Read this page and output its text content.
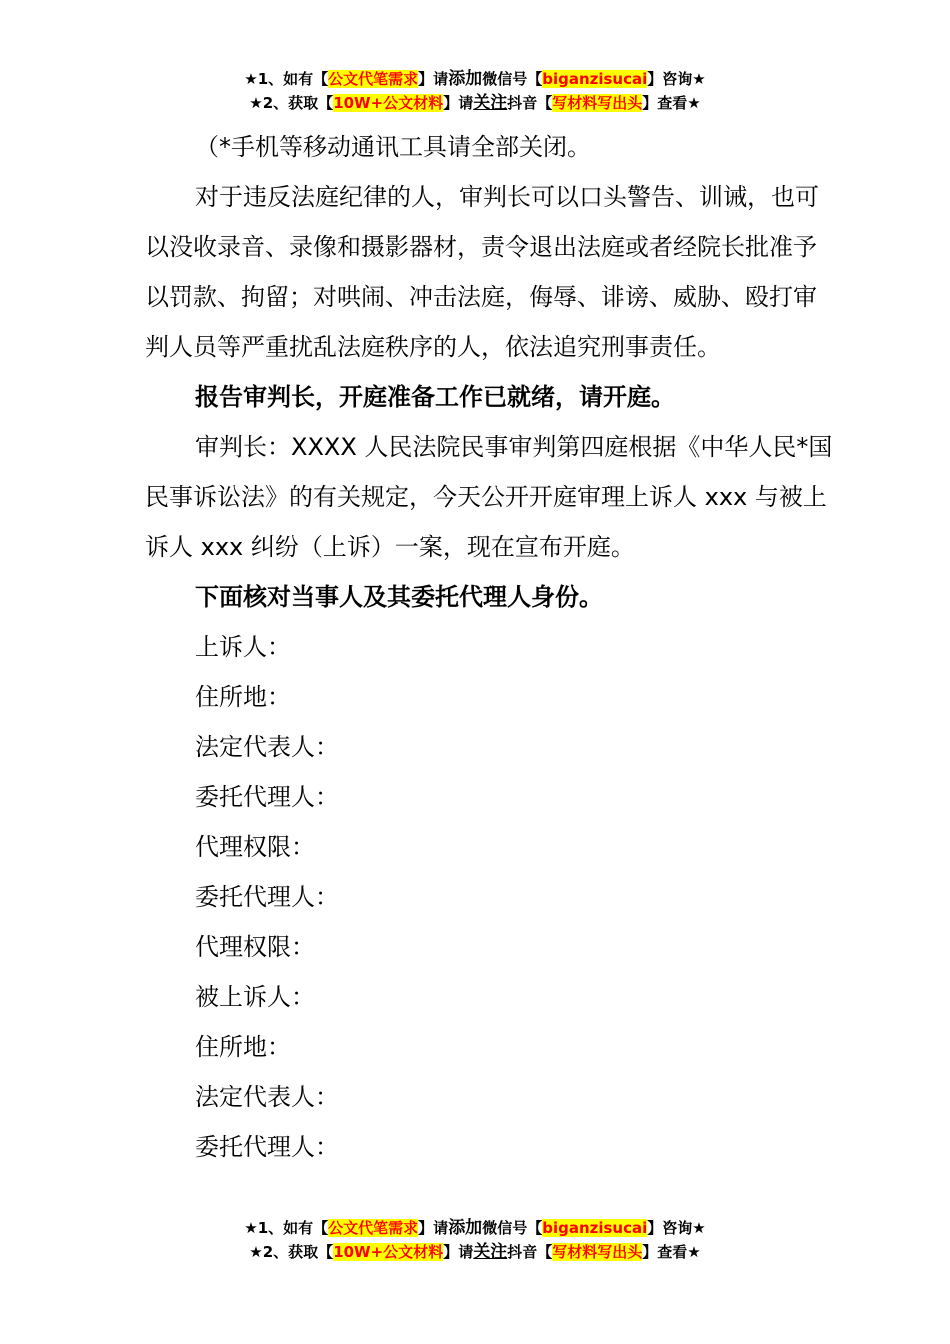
★1、如有【公文代笔需求】请添加微信号【biganzisucai】咨询★
★2、获取【10W+公文材料】请关注抖音【写材料写出头】查看★

（*手机等移动通讯工具请全部关闭。

对于违反法庭纪律的人，审判长可以口头警告、训诫，也可以没收录音、录像和摄影器材，责令退出法庭或者经院长批准予以罚款、拘留；对哄闹、冲击法庭，侮辱、诽谤、威胁、殴打审判人员等严重扰乱法庭秩序的人，依法追究刑事责任。

报告审判长，开庭准备工作已就绪，请开庭。

审判长：XXXX 人民法院民事审判第四庭根据《中华人民*国民事诉讼法》的有关规定，今天公开开庭审理上诉人 xxx 与被上诉人 xxx 纠纷（上诉）一案，现在宣布开庭。

下面核对当事人及其委托代理人身份。

上诉人：

住所地：

法定代表人：

委托代理人：

代理权限：

委托代理人：

代理权限：

被上诉人：

住所地：

法定代表人：

委托代理人：

★1、如有【公文代笔需求】请添加微信号【biganzisucai】咨询★
★2、获取【10W+公文材料】请关注抖音【写材料写出头】查看★
